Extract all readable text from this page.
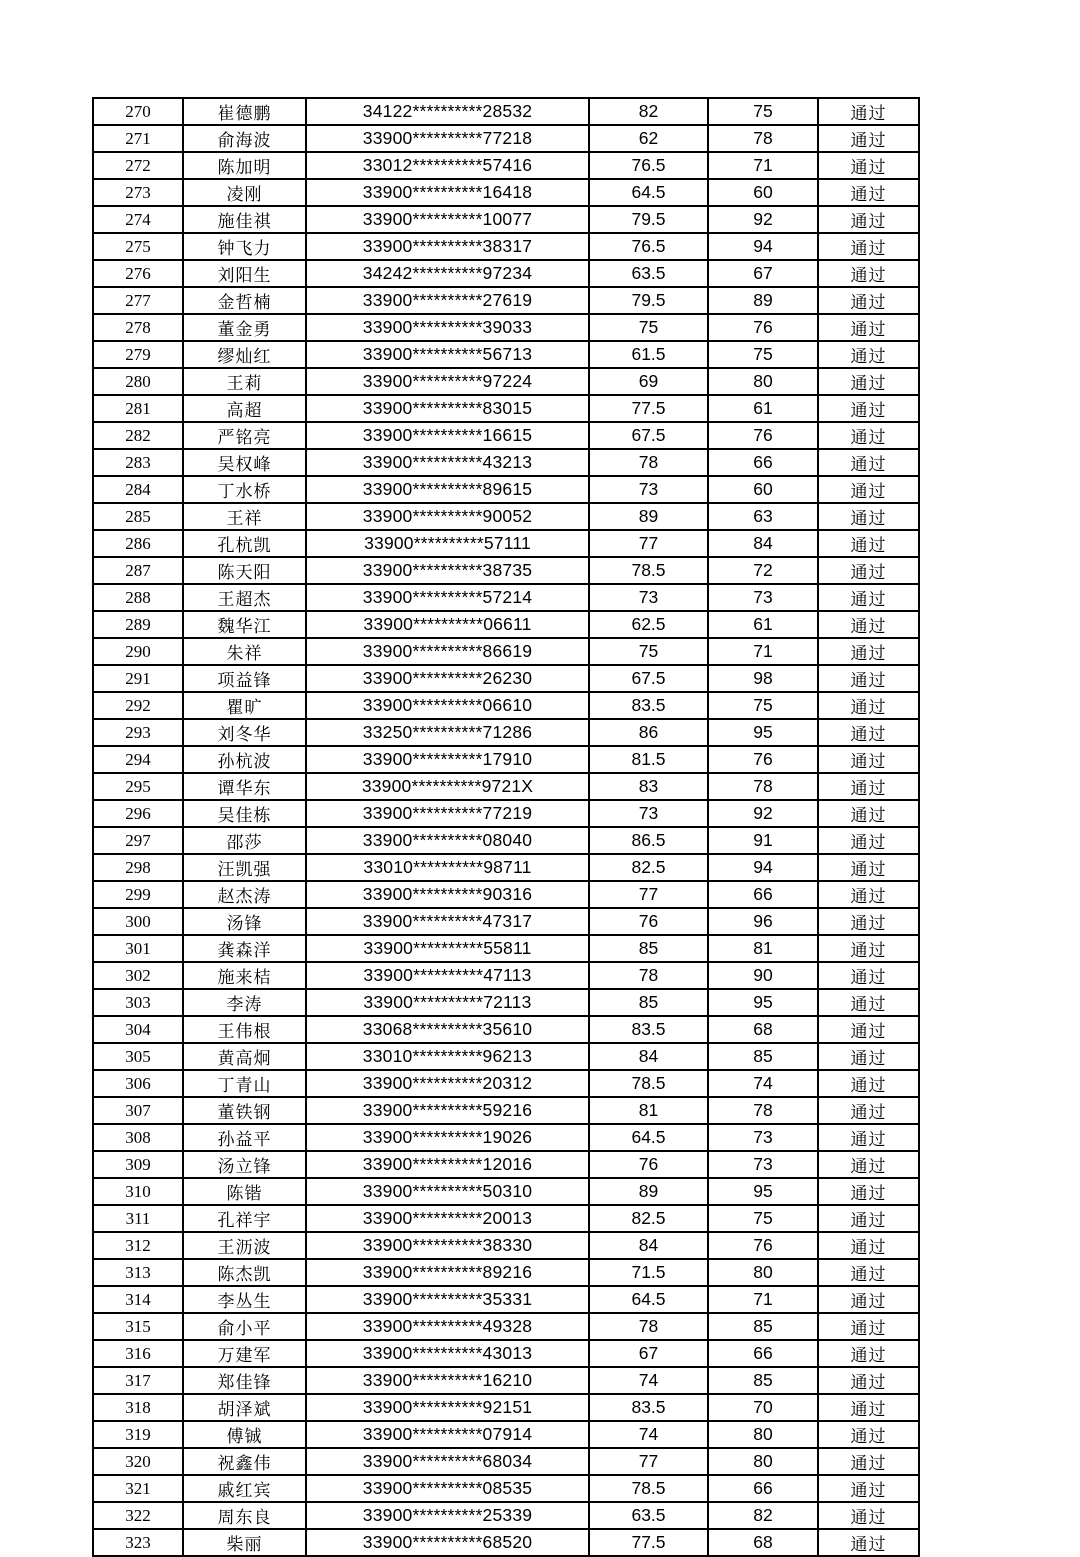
270	崔德鹏	34122**********28532	82	75	通过
271	俞海波	33900**********77218	62	78	通过
272	陈加明	33012**********57416	76.5	71	通过
273	凌刚	33900**********16418	64.5	60	通过
274	施佳祺	33900**********10077	79.5	92	通过
275	钟飞力	33900**********38317	76.5	94	通过
276	刘阳生	34242**********97234	63.5	67	通过
277	金哲楠	33900**********27619	79.5	89	通过
278	董金勇	33900**********39033	75	76	通过
279	缪灿红	33900**********56713	61.5	75	通过
280	王莉	33900**********97224	69	80	通过
281	高超	33900**********83015	77.5	61	通过
282	严铭亮	33900**********16615	67.5	76	通过
283	吴权峰	33900**********43213	78	66	通过
284	丁水桥	33900**********89615	73	60	通过
285	王祥	33900**********90052	89	63	通过
286	孔杭凯	33900**********57111	77	84	通过
287	陈天阳	33900**********38735	78.5	72	通过
288	王超杰	33900**********57214	73	73	通过
289	魏华江	33900**********06611	62.5	61	通过
290	朱祥	33900**********86619	75	71	通过
291	项益锋	33900**********26230	67.5	98	通过
292	瞿旷	33900**********06610	83.5	75	通过
293	刘冬华	33250**********71286	86	95	通过
294	孙杭波	33900**********17910	81.5	76	通过
295	谭华东	33900**********9721X	83	78	通过
296	吴佳栋	33900**********77219	73	92	通过
297	邵莎	33900**********08040	86.5	91	通过
298	汪凯强	33010**********98711	82.5	94	通过
299	赵杰涛	33900**********90316	77	66	通过
300	汤锋	33900**********47317	76	96	通过
301	龚森洋	33900**********55811	85	81	通过
302	施来桔	33900**********47113	78	90	通过
303	李涛	33900**********72113	85	95	通过
304	王伟根	33068**********35610	83.5	68	通过
305	黄高炯	33010**********96213	84	85	通过
306	丁青山	33900**********20312	78.5	74	通过
307	董铁钢	33900**********59216	81	78	通过
308	孙益平	33900**********19026	64.5	73	通过
309	汤立锋	33900**********12016	76	73	通过
310	陈锴	33900**********50310	89	95	通过
311	孔祥宇	33900**********20013	82.5	75	通过
312	王沥波	33900**********38330	84	76	通过
313	陈杰凯	33900**********89216	71.5	80	通过
314	李丛生	33900**********35331	64.5	71	通过
315	俞小平	33900**********49328	78	85	通过
316	万建军	33900**********43013	67	66	通过
317	郑佳锋	33900**********16210	74	85	通过
318	胡泽斌	33900**********92151	83.5	70	通过
319	傅铖	33900**********07914	74	80	通过
320	祝鑫伟	33900**********68034	77	80	通过
321	戚红宾	33900**********08535	78.5	66	通过
322	周东良	33900**********25339	63.5	82	通过
323	柴丽	33900**********68520	77.5	68	通过
